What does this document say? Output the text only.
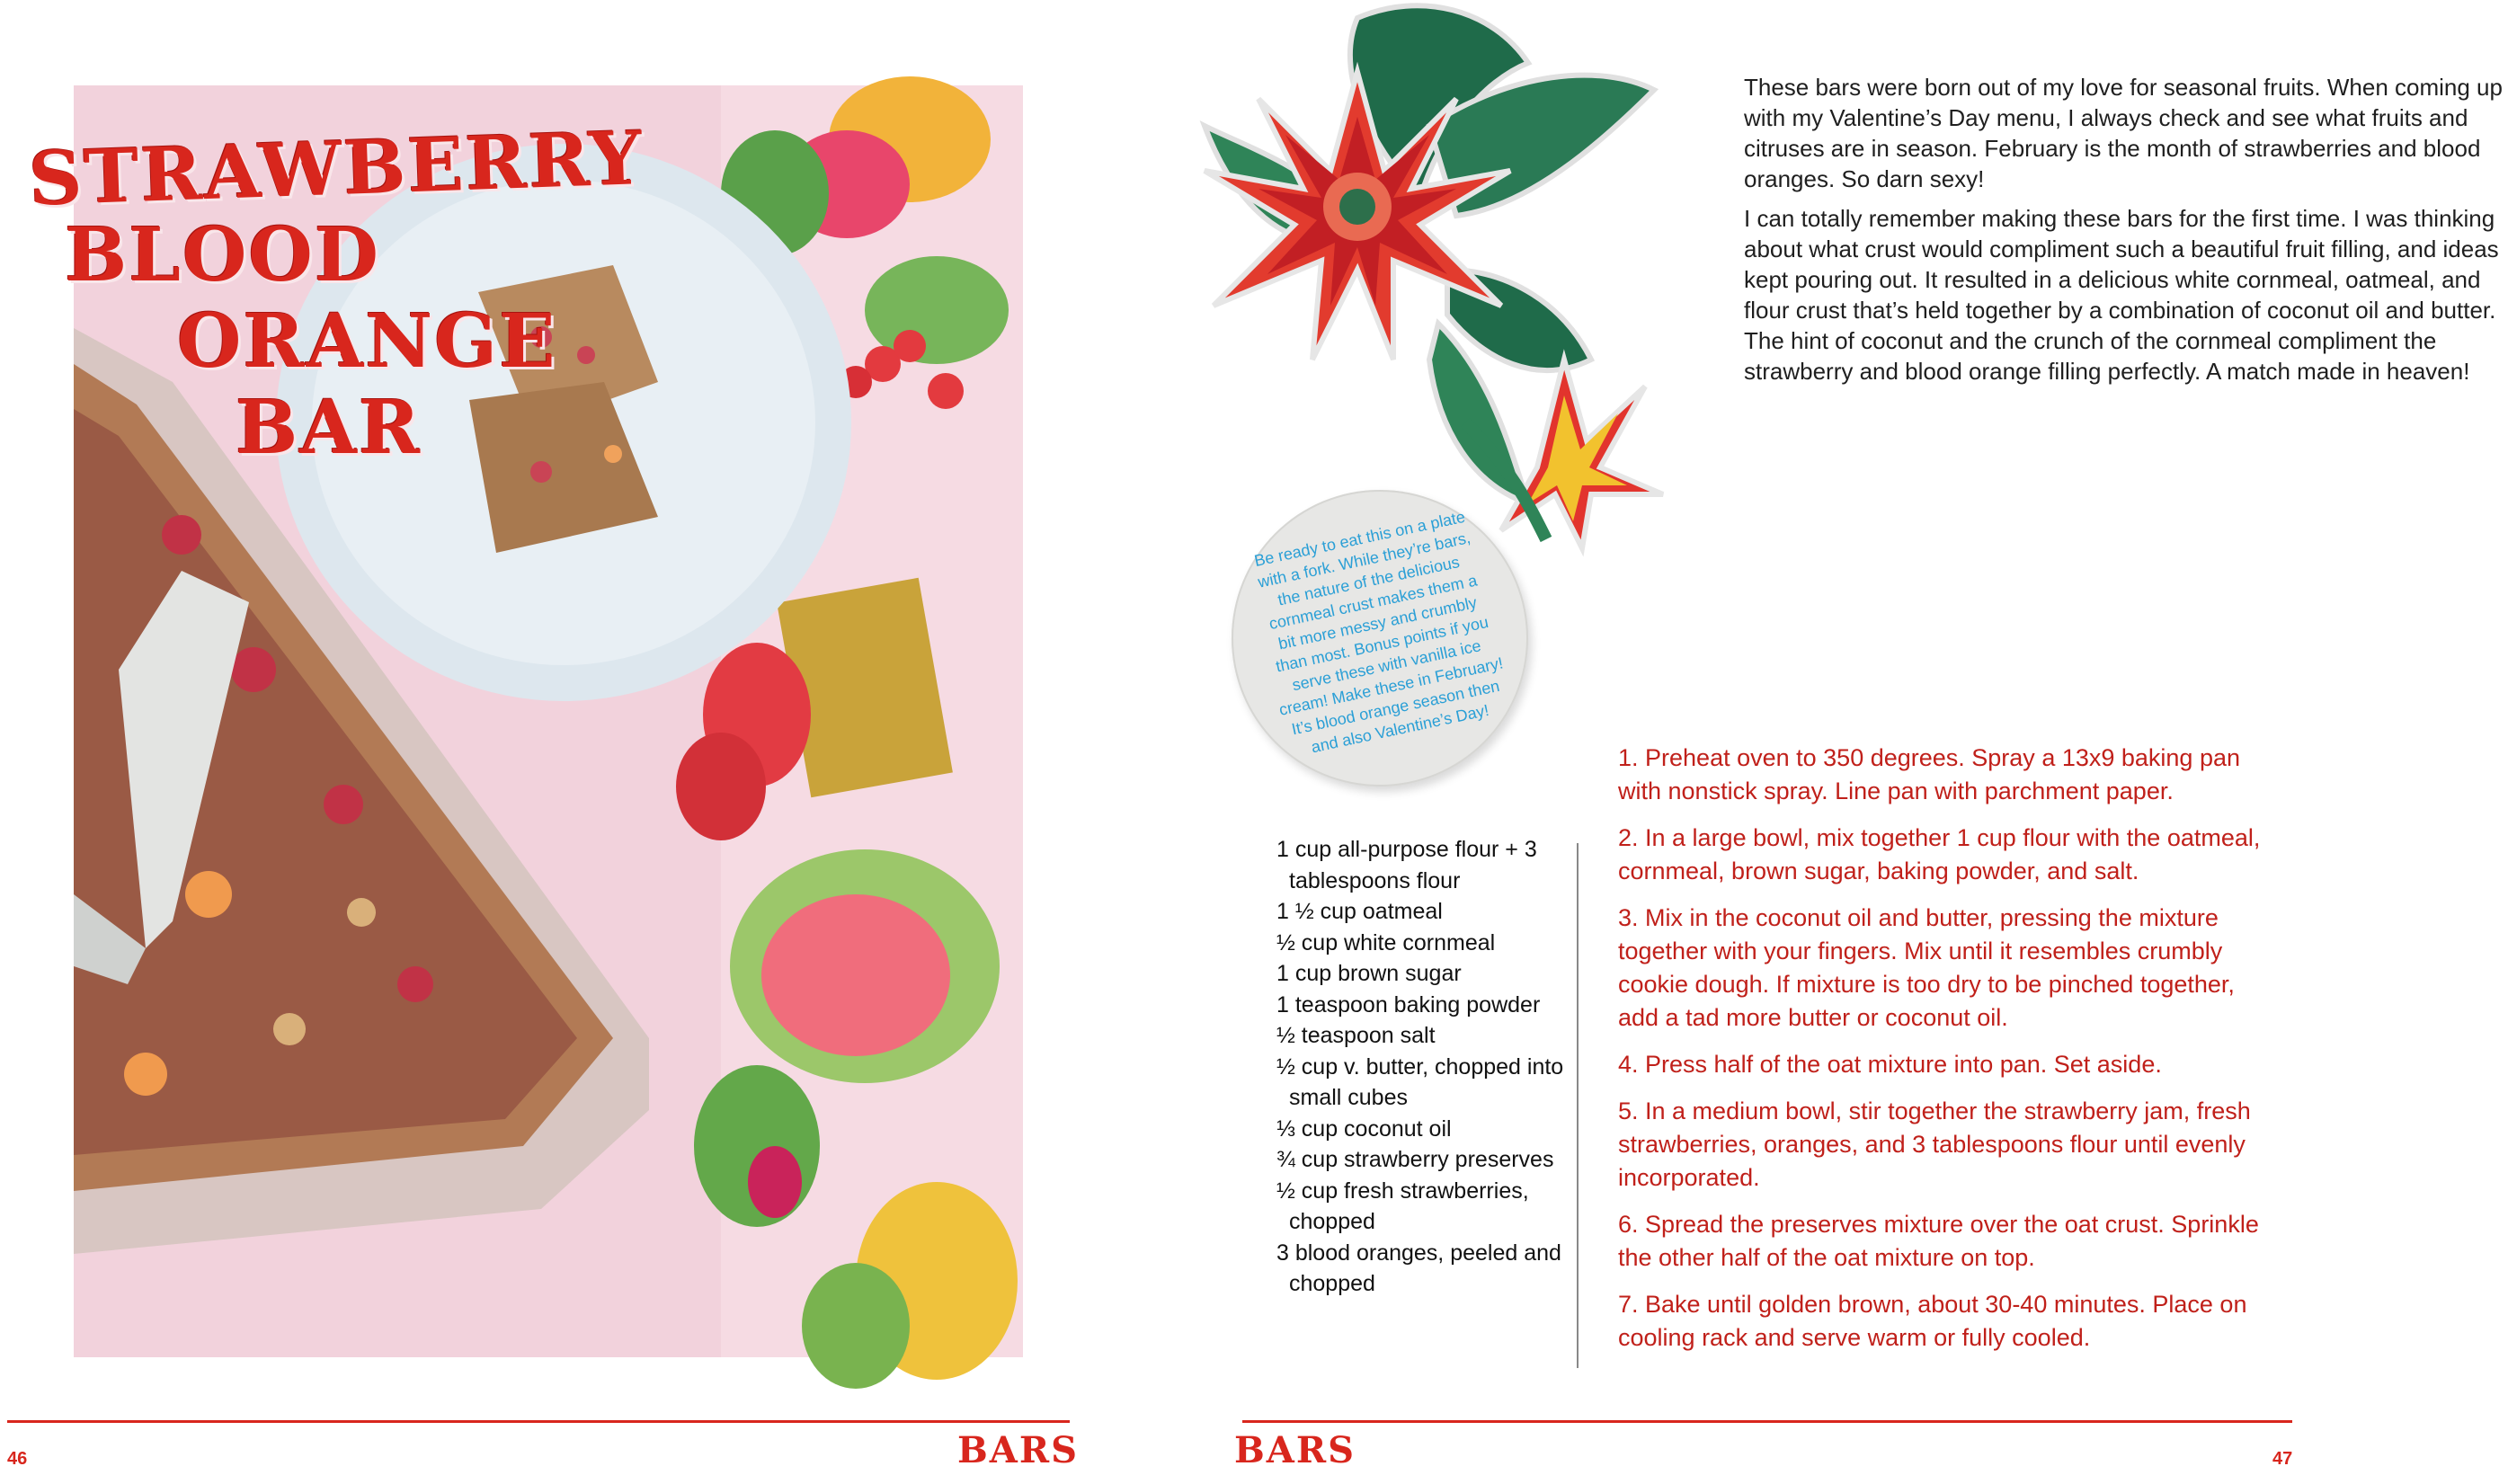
STRAWBERRY
BLOOD
ORANGE
BAR
46	BARS

These bars were born out of my love for seasonal fruits. When coming up with my Valentine’s Day menu, I always check and see what fruits and citruses are in season. February is the month of strawberries and blood oranges. So darn sexy!

I can totally remember making these bars for the first time. I was thinking about what crust would compliment such a beautiful fruit filling, and ideas kept pouring out. It resulted in a delicious white cornmeal, oatmeal, and flour crust that’s held together by a combination of coconut oil and butter. The hint of coconut and the crunch of the cornmeal compliment the strawberry and blood orange filling perfectly. A match made in heaven!

Be ready to eat this on a plate with a fork. While they’re bars, the nature of the delicious cornmeal crust makes them a bit more messy and crumbly than most. Bonus points if you serve these with vanilla ice cream! Make these in February! It’s blood orange season then and also Valentine’s Day!
1 cup all-purpose flour + 3 tablespoons flour
1 ½ cup oatmeal
½ cup white cornmeal
1 cup brown sugar
1 teaspoon baking powder
½ teaspoon salt
½ cup v. butter, chopped into small cubes
⅓ cup coconut oil
¾ cup strawberry preserves
½ cup fresh strawberries, chopped
3 blood oranges, peeled and chopped
1. Preheat oven to 350 degrees. Spray a 13x9 baking pan with nonstick spray. Line pan with parchment paper.
2. In a large bowl, mix together 1 cup flour with the oatmeal, cornmeal, brown sugar, baking powder, and salt.
3. Mix in the coconut oil and butter, pressing the mixture together with your fingers. Mix until it resembles crumbly cookie dough. If mixture is too dry to be pinched together, add a tad more butter or coconut oil.
4. Press half of the oat mixture into pan. Set aside.
5. In a medium bowl, stir together the strawberry jam, fresh strawberries, oranges, and 3 tablespoons flour until evenly incorporated.
6. Spread the preserves mixture over the oat crust. Sprinkle the other half of the oat mixture on top.
7. Bake until golden brown, about 30-40 minutes. Place on cooling rack and serve warm or fully cooled.
BARS	47
